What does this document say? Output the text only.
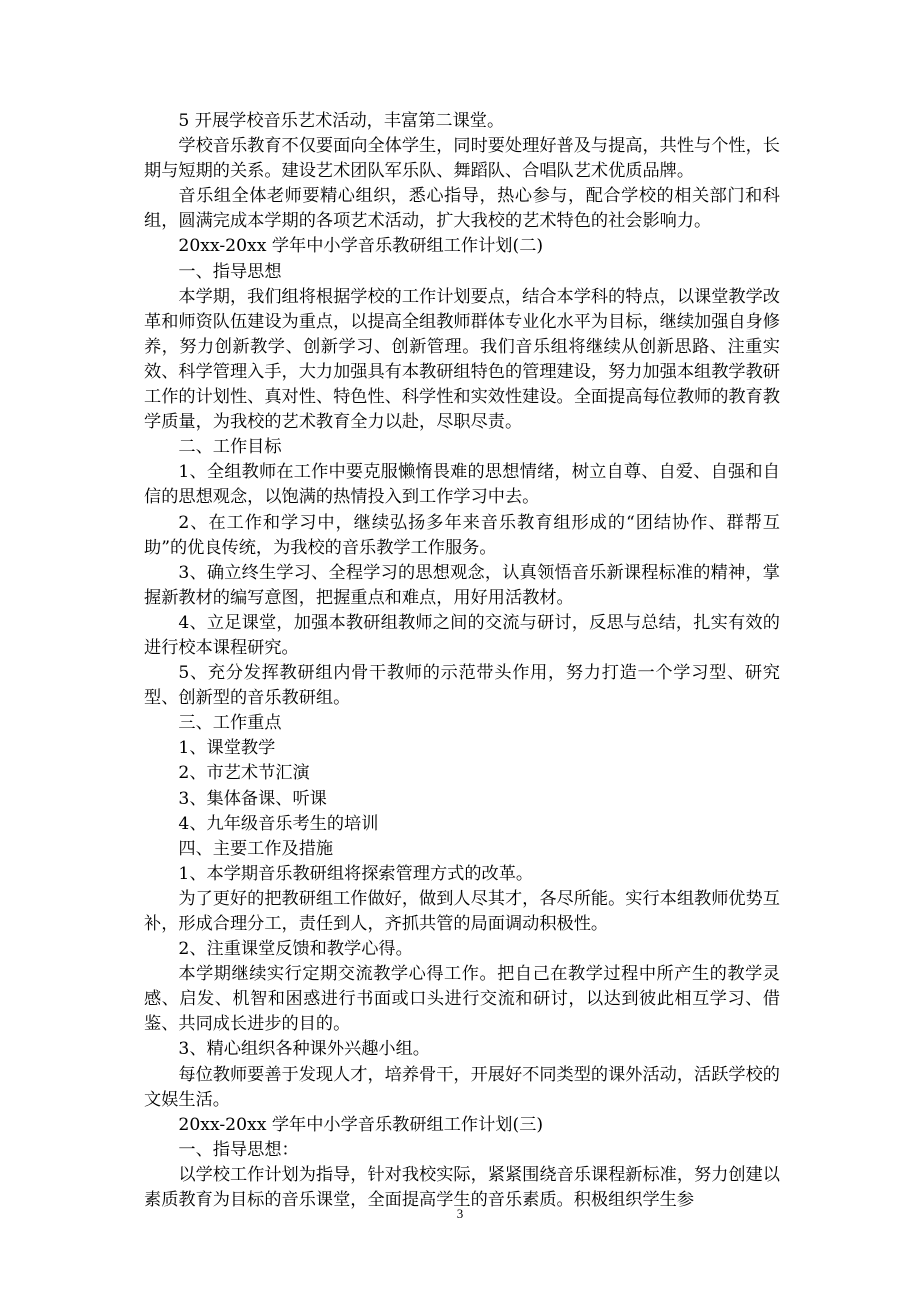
5 开展学校音乐艺术活动，丰富第二课堂。

学校音乐教育不仅要面向全体学生，同时要处理好普及与提高，共性与个性，长期与短期的关系。建设艺术团队军乐队、舞蹈队、合唱队艺术优质品牌。

音乐组全体老师要精心组织，悉心指导，热心参与，配合学校的相关部门和科组，圆满完成本学期的各项艺术活动，扩大我校的艺术特色的社会影响力。

20xx-20xx 学年中小学音乐教研组工作计划(二)

一、指导思想

本学期，我们组将根据学校的工作计划要点，结合本学科的特点，以课堂教学改革和师资队伍建设为重点，以提高全组教师群体专业化水平为目标，继续加强自身修养，努力创新教学、创新学习、创新管理。我们音乐组将继续从创新思路、注重实效、科学管理入手，大力加强具有本教研组特色的管理建设，努力加强本组教学教研工作的计划性、真对性、特色性、科学性和实效性建设。全面提高每位教师的教育教学质量，为我校的艺术教育全力以赴，尽职尽责。

二、工作目标

1、全组教师在工作中要克服懒惰畏难的思想情绪，树立自尊、自爱、自强和自信的思想观念，以饱满的热情投入到工作学习中去。

2、在工作和学习中，继续弘扬多年来音乐教育组形成的“团结协作、群帮互助”的优良传统，为我校的音乐教学工作服务。

3、确立终生学习、全程学习的思想观念，认真领悟音乐新课程标准的精神，掌握新教材的编写意图，把握重点和难点，用好用活教材。

4、立足课堂，加强本教研组教师之间的交流与研讨，反思与总结，扎实有效的进行校本课程研究。

5、充分发挥教研组内骨干教师的示范带头作用，努力打造一个学习型、研究型、创新型的音乐教研组。

三、工作重点

1、课堂教学

2、市艺术节汇演

3、集体备课、听课

4、九年级音乐考生的培训

四、主要工作及措施

1、本学期音乐教研组将探索管理方式的改革。

为了更好的把教研组工作做好，做到人尽其才，各尽所能。实行本组教师优势互补，形成合理分工，责任到人，齐抓共管的局面调动积极性。

2、注重课堂反馈和教学心得。

本学期继续实行定期交流教学心得工作。把自己在教学过程中所产生的教学灵感、启发、机智和困惑进行书面或口头进行交流和研讨，以达到彼此相互学习、借鉴、共同成长进步的目的。

3、精心组织各种课外兴趣小组。

每位教师要善于发现人才，培养骨干，开展好不同类型的课外活动，活跃学校的文娱生活。

20xx-20xx 学年中小学音乐教研组工作计划(三)

一、指导思想：

以学校工作计划为指导，针对我校实际，紧紧围绕音乐课程新标准，努力创建以素质教育为目标的音乐课堂，全面提高学生的音乐素质。积极组织学生参

3
